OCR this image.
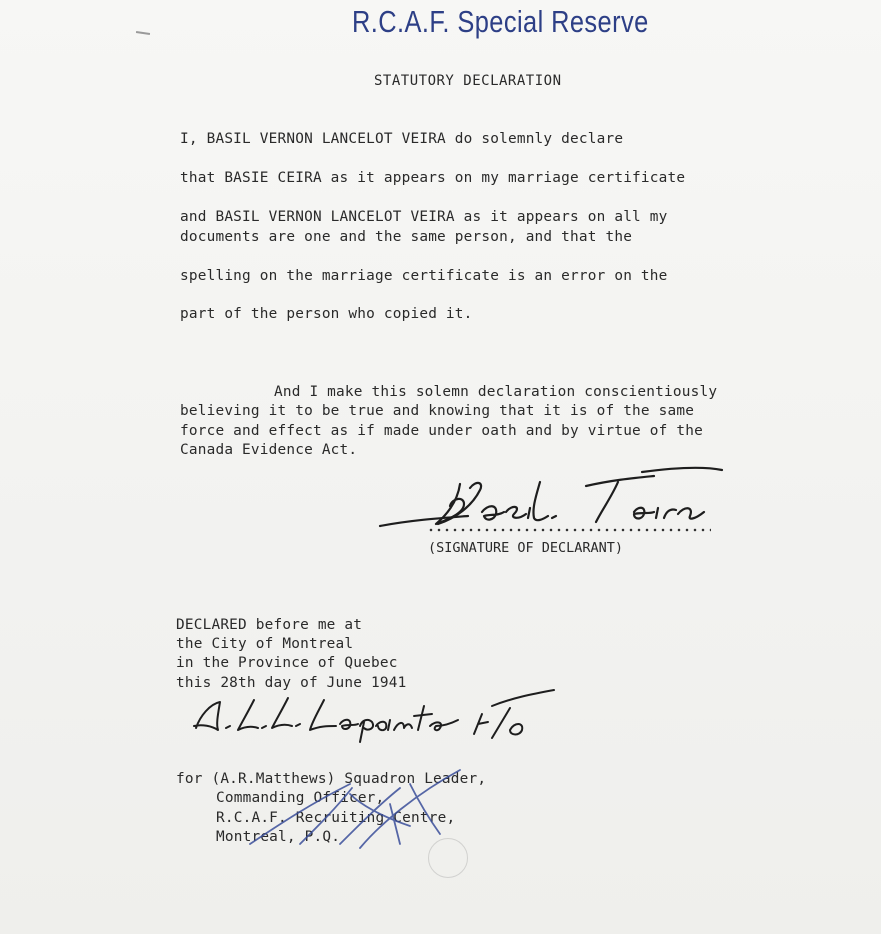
R.C.A.F. Special Reserve
STATUTORY DECLARATION
I, BASIL VERNON LANCELOT VEIRA do solemnly declare
that BASIE CEIRA as it appears on my marriage certificate
and BASIL VERNON LANCELOT VEIRA as it appears on all my
documents are one and the same person, and that the
spelling on the marriage certificate is an error on the
part of the person who copied it.
And I make this solemn declaration conscientiously
believing it to be true and knowing that it is of the same
force and effect as if made under oath and by virtue of the
Canada Evidence Act.
(SIGNATURE OF DECLARANT)
DECLARED before me at
the City of Montreal
in the Province of Quebec
this 28th day of June 1941
for (A.R.Matthews) Squadron Leader,
Commanding Officer,
R.C.A.F. Recruiting Centre,
Montreal, P.Q.
